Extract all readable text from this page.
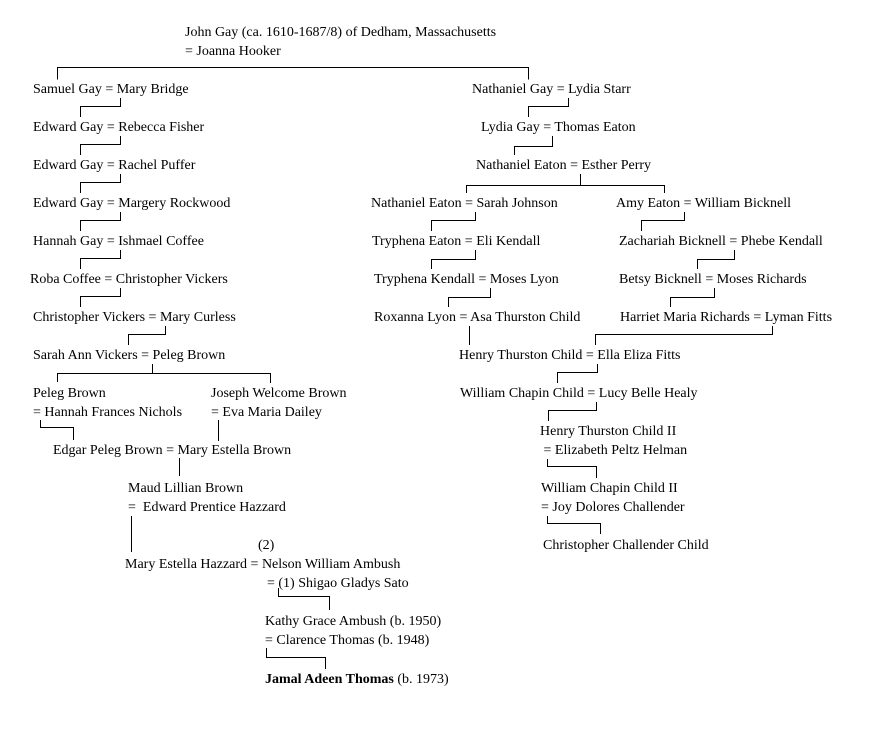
John Gay (ca. 1610-1687/8) of Dedham, Massachusetts
= Joanna Hooker
Samuel Gay = Mary Bridge
Edward Gay = Rebecca Fisher
Edward Gay = Rachel Puffer
Edward Gay = Margery Rockwood
Hannah Gay = Ishmael Coffee
Roba Coffee = Christopher Vickers
Christopher Vickers = Mary Curless
Sarah Ann Vickers = Peleg Brown
Peleg Brown
= Hannah Frances Nichols
Joseph Welcome Brown
= Eva Maria Dailey
Edgar Peleg Brown = Mary Estella Brown
Maud Lillian Brown
=  Edward Prentice Hazzard
(2)
Mary Estella Hazzard = Nelson William Ambush
= (1) Shigao Gladys Sato
Kathy Grace Ambush (b. 1950)
= Clarence Thomas (b. 1948)
Jamal Adeen Thomas (b. 1973)
Nathaniel Gay = Lydia Starr
Lydia Gay = Thomas Eaton
Nathaniel Eaton = Esther Perry
Nathaniel Eaton = Sarah Johnson	Amy Eaton = William Bicknell
Tryphena Eaton = Eli Kendall	Zachariah Bicknell = Phebe Kendall
Tryphena Kendall = Moses Lyon	Betsy Bicknell = Moses Richards
Roxanna Lyon = Asa Thurston Child	Harriet Maria Richards = Lyman Fitts
Henry Thurston Child = Ella Eliza Fitts
William Chapin Child = Lucy Belle Healy
Henry Thurston Child II
= Elizabeth Peltz Helman
William Chapin Child II
= Joy Dolores Challender
Christopher Challender Child
